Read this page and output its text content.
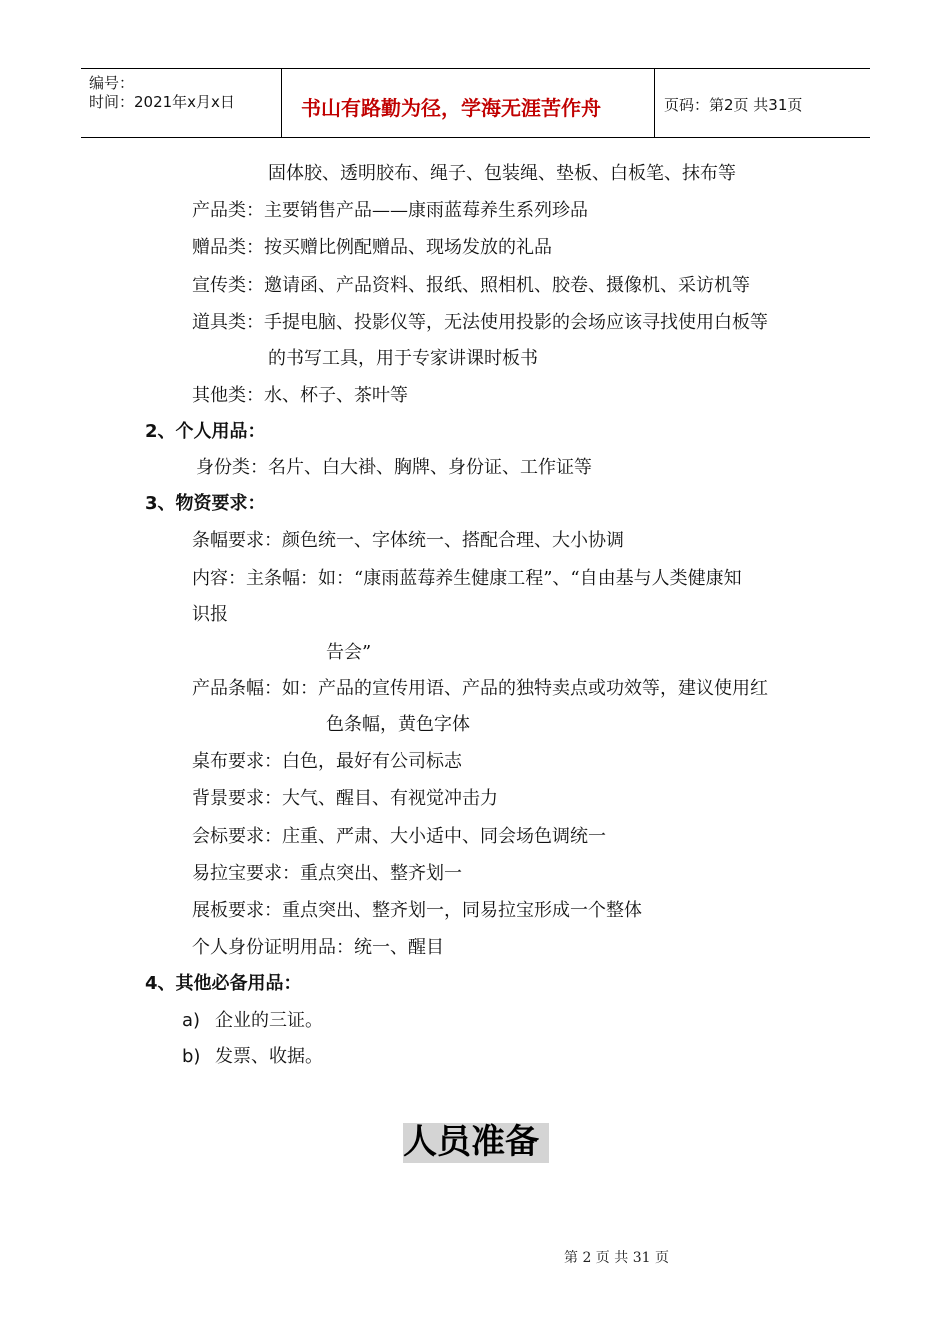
编号：
时间：2021年x月x日	书山有路勤为径，学海无涯苦作舟	页码：第2页 共31页
固体胶、透明胶布、绳子、包装绳、垫板、白板笔、抹布等
产品类：主要销售产品——康雨蓝莓养生系列珍品
赠品类：按买赠比例配赠品、现场发放的礼品
宣传类：邀请函、产品资料、报纸、照相机、胶卷、摄像机、采访机等
道具类：手提电脑、投影仪等，无法使用投影的会场应该寻找使用白板等
的书写工具，用于专家讲课时板书
其他类：水、杯子、茶叶等
2、个人用品：
身份类：名片、白大褂、胸牌、身份证、工作证等
3、物资要求：
条幅要求：颜色统一、字体统一、搭配合理、大小协调
内容：主条幅：如：“康雨蓝莓养生健康工程”、“自由基与人类健康知
识报
告会”
产品条幅：如：产品的宣传用语、产品的独特卖点或功效等，建议使用红
色条幅，黄色字体
桌布要求：白色，最好有公司标志
背景要求：大气、醒目、有视觉冲击力
会标要求：庄重、严肃、大小适中、同会场色调统一
易拉宝要求：重点突出、整齐划一
展板要求：重点突出、整齐划一，同易拉宝形成一个整体
个人身份证明用品：统一、醒目
4、其他必备用品：
a) 企业的三证。
b) 发票、收据。
人员准备
第 2 页 共 31 页
